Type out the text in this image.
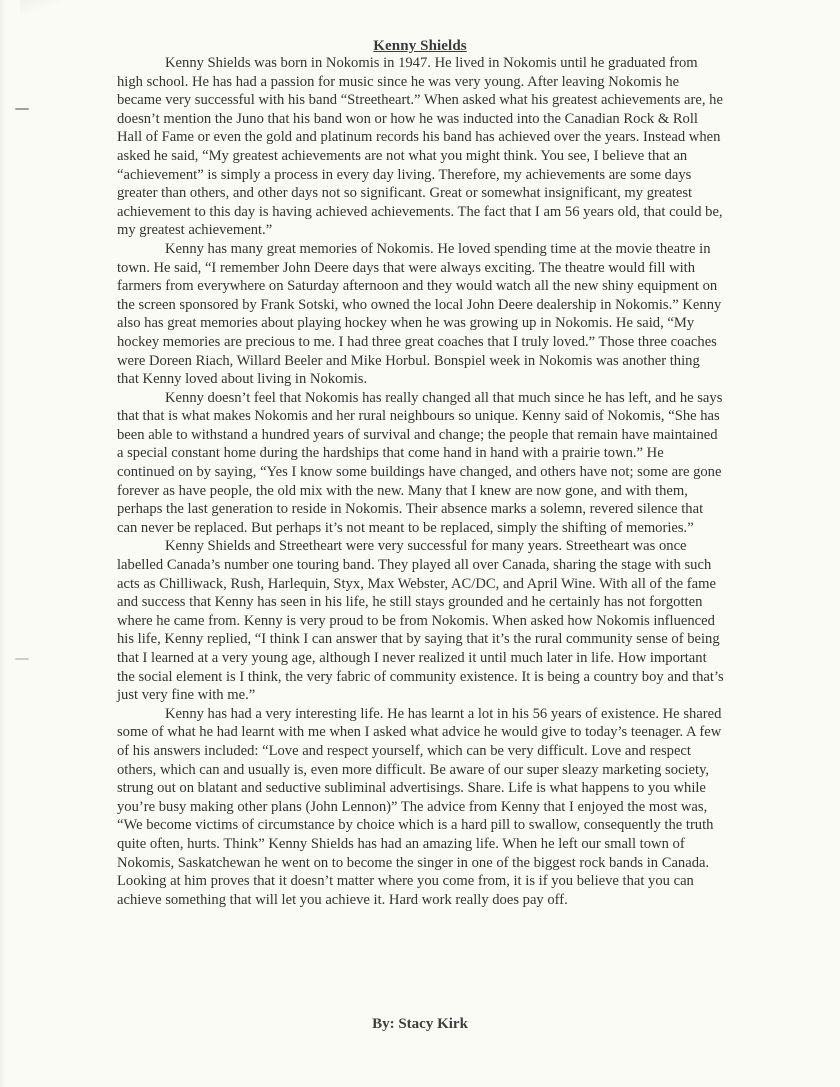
Kenny Shields

Kenny Shields was born in Nokomis in 1947. He lived in Nokomis until he graduated from high school. He has had a passion for music since he was very young. After leaving Nokomis he became very successful with his band “Streetheart.” When asked what his greatest achievements are, he doesn’t mention the Juno that his band won or how he was inducted into the Canadian Rock & Roll Hall of Fame or even the gold and platinum records his band has achieved over the years. Instead when asked he said, “My greatest achievements are not what you might think. You see, I believe that an “achievement” is simply a process in every day living. Therefore, my achievements are some days greater than others, and other days not so significant. Great or somewhat insignificant, my greatest achievement to this day is having achieved achievements. The fact that I am 56 years old, that could be, my greatest achievement.”

Kenny has many great memories of Nokomis. He loved spending time at the movie theatre in town. He said, “I remember John Deere days that were always exciting. The theatre would fill with farmers from everywhere on Saturday afternoon and they would watch all the new shiny equipment on the screen sponsored by Frank Sotski, who owned the local John Deere dealership in Nokomis.” Kenny also has great memories about playing hockey when he was growing up in Nokomis. He said, “My hockey memories are precious to me. I had three great coaches that I truly loved.” Those three coaches were Doreen Riach, Willard Beeler and Mike Horbul. Bonspiel week in Nokomis was another thing that Kenny loved about living in Nokomis.

Kenny doesn’t feel that Nokomis has really changed all that much since he has left, and he says that that is what makes Nokomis and her rural neighbours so unique. Kenny said of Nokomis, “She has been able to withstand a hundred years of survival and change; the people that remain have maintained a special constant home during the hardships that come hand in hand with a prairie town.” He continued on by saying, “Yes I know some buildings have changed, and others have not; some are gone forever as have people, the old mix with the new. Many that I knew are now gone, and with them, perhaps the last generation to reside in Nokomis. Their absence marks a solemn, revered silence that can never be replaced. But perhaps it’s not meant to be replaced, simply the shifting of memories.”

Kenny Shields and Streetheart were very successful for many years. Streetheart was once labelled Canada’s number one touring band. They played all over Canada, sharing the stage with such acts as Chilliwack, Rush, Harlequin, Styx, Max Webster, AC/DC, and April Wine. With all of the fame and success that Kenny has seen in his life, he still stays grounded and he certainly has not forgotten where he came from. Kenny is very proud to be from Nokomis. When asked how Nokomis influenced his life, Kenny replied, “I think I can answer that by saying that it’s the rural community sense of being that I learned at a very young age, although I never realized it until much later in life. How important the social element is I think, the very fabric of community existence. It is being a country boy and that’s just very fine with me.”

Kenny has had a very interesting life. He has learnt a lot in his 56 years of existence. He shared some of what he had learnt with me when I asked what advice he would give to today’s teenager. A few of his answers included: “Love and respect yourself, which can be very difficult. Love and respect others, which can and usually is, even more difficult. Be aware of our super sleazy marketing society, strung out on blatant and seductive subliminal advertisings. Share. Life is what happens to you while you’re busy making other plans (John Lennon)” The advice from Kenny that I enjoyed the most was, “We become victims of circumstance by choice which is a hard pill to swallow, consequently the truth quite often, hurts. Think” Kenny Shields has had an amazing life. When he left our small town of Nokomis, Saskatchewan he went on to become the singer in one of the biggest rock bands in Canada. Looking at him proves that it doesn’t matter where you come from, it is if you believe that you can achieve something that will let you achieve it. Hard work really does pay off.

By: Stacy Kirk
